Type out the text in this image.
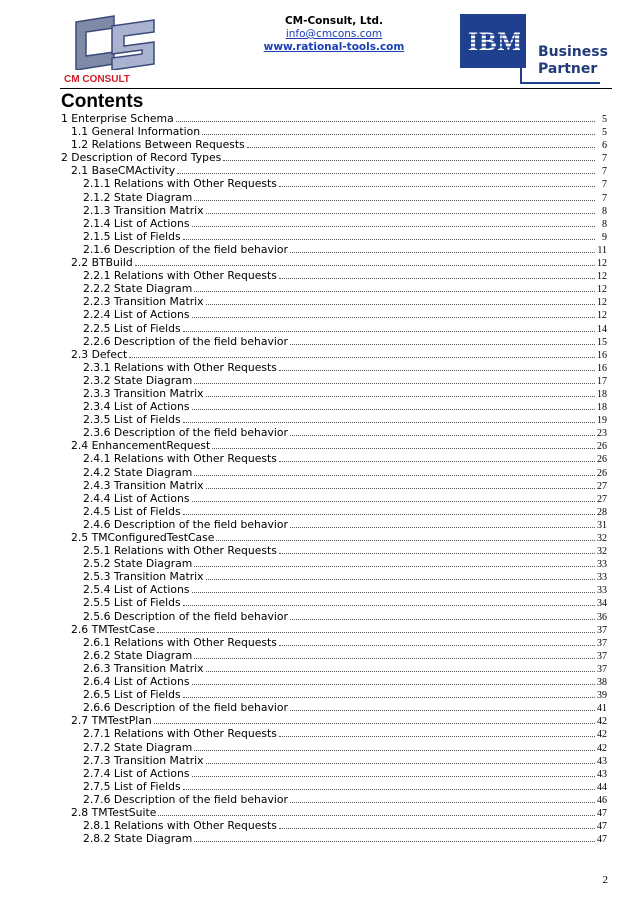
CM CONSULT
CM-Consult, Ltd.
info@cmcons.com
www.rational-tools.com	IBM Business
Partner
Contents
1 Enterprise Schema	5
1.1 General Information	5
1.2 Relations Between Requests	6
2 Description of Record Types	7
2.1 BaseCMActivity	7
2.1.1 Relations with Other Requests	7
2.1.2 State Diagram	7
2.1.3 Transition Matrix	8
2.1.4 List of Actions	8
2.1.5 List of Fields	9
2.1.6 Description of the field behavior	11
2.2 BTBuild	12
2.2.1 Relations with Other Requests	12
2.2.2 State Diagram	12
2.2.3 Transition Matrix	12
2.2.4 List of Actions	12
2.2.5 List of Fields	14
2.2.6 Description of the field behavior	15
2.3 Defect	16
2.3.1 Relations with Other Requests	16
2.3.2 State Diagram	17
2.3.3 Transition Matrix	18
2.3.4 List of Actions	18
2.3.5 List of Fields	19
2.3.6 Description of the field behavior	23
2.4 EnhancementRequest	26
2.4.1 Relations with Other Requests	26
2.4.2 State Diagram	26
2.4.3 Transition Matrix	27
2.4.4 List of Actions	27
2.4.5 List of Fields	28
2.4.6 Description of the field behavior	31
2.5 TMConfiguredTestCase	32
2.5.1 Relations with Other Requests	32
2.5.2 State Diagram	33
2.5.3 Transition Matrix	33
2.5.4 List of Actions	33
2.5.5 List of Fields	34
2.5.6 Description of the field behavior	36
2.6 TMTestCase	37
2.6.1 Relations with Other Requests	37
2.6.2 State Diagram	37
2.6.3 Transition Matrix	37
2.6.4 List of Actions	38
2.6.5 List of Fields	39
2.6.6 Description of the field behavior	41
2.7 TMTestPlan	42
2.7.1 Relations with Other Requests	42
2.7.2 State Diagram	42
2.7.3 Transition Matrix	43
2.7.4 List of Actions	43
2.7.5 List of Fields	44
2.7.6 Description of the field behavior	46
2.8 TMTestSuite	47
2.8.1 Relations with Other Requests	47
2.8.2 State Diagram	47
2
